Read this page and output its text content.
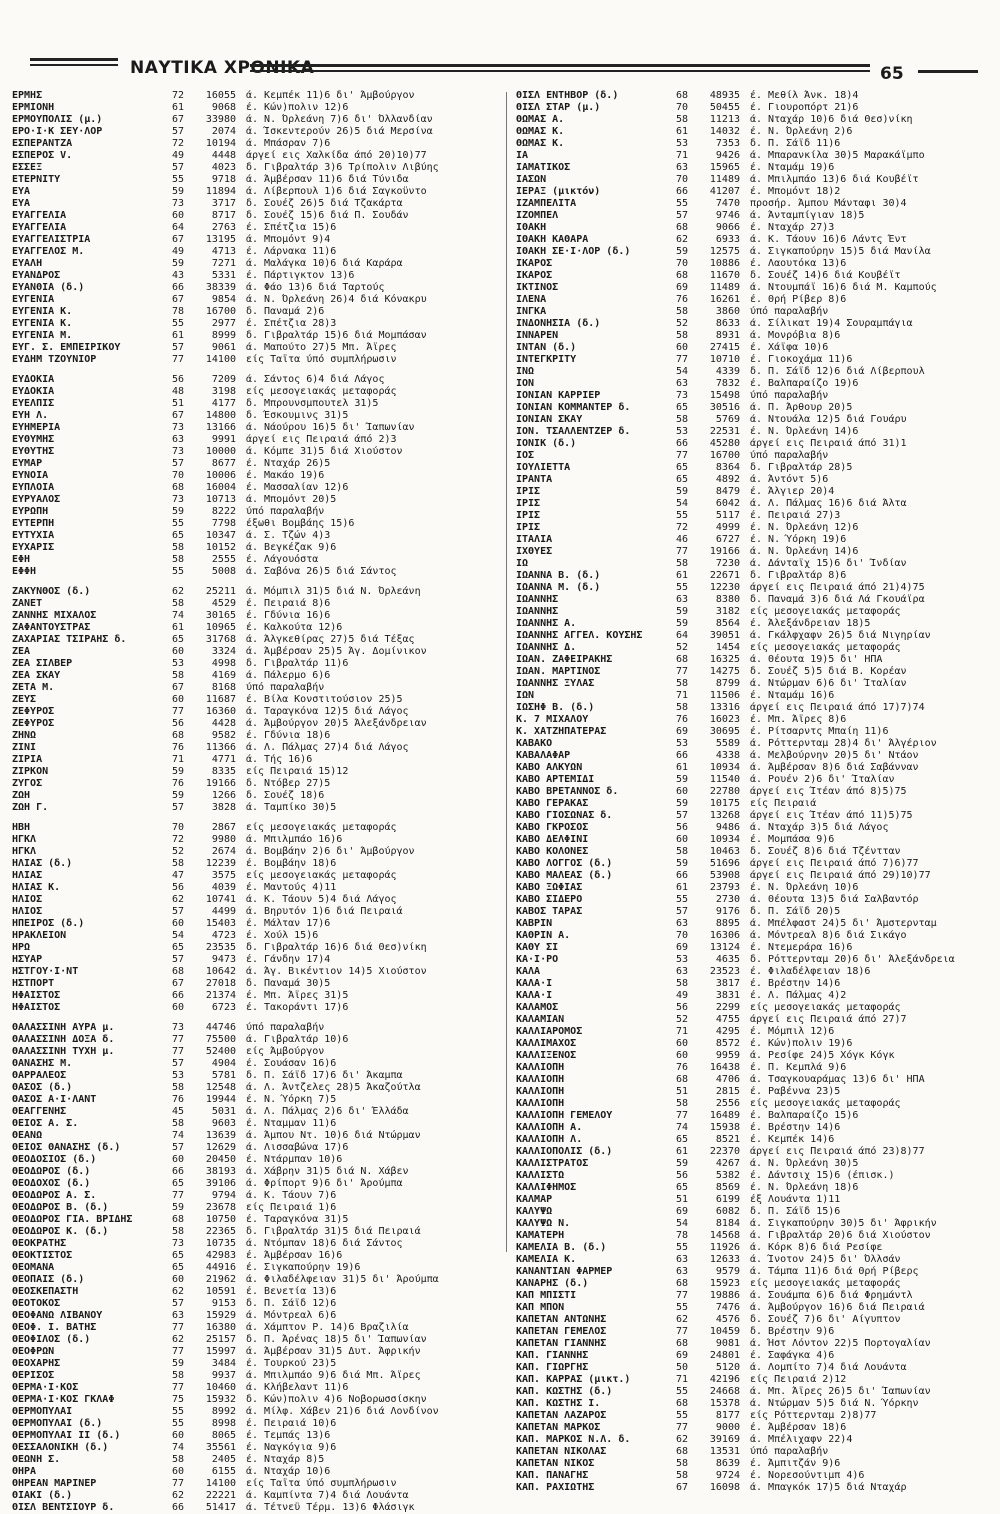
ΝΑΥΤΙΚΑ ΧΡΟΝΙΚΑ	65
ΕΡΜΗΣ	72	16055 ά. Κεμπέκ 11)6 δι' Άμβούργον
ΕΡΜΙΟΝΗ	61	9068 έ. Κών)πολιν 12)6
ΕΡΜΟΥΠΟΛΙΣ (μ.)	67	33980 ά. Ν. Όρλεάνη 7)6 δι' Όλλανδίαν
ΕΡΟ·Ι·Κ ΣΕΥ·ΛΟΡ	57	2074 ά. Ίσκεντερούν 26)5 διά Μερσίνα
ΕΣΠΕΡΑΝΤΖΑ	72	10194 ά. Μπάσραν 7)6
ΕΣΠΕΡΟΣ V.	49	4448 άργεί εις Χαλκίδα άπό 20)10)77
ΕΣΣΕΞ	57	4023 δ. Γιβραλτάρ 3)6 Τρίπολιν Λιβύης
ΕΤΕΡΝΙΤΥ	55	9718 ά. Άμβέρσαν 11)6 διά Τύνιδα
ΕΥΑ	59	11894 ά. Λίβερπουλ 1)6 διά Σαγκοϋντο
ΕΥΑ	73	3717 δ. Σουέζ 26)5 διά Τζακάρτα
ΕΥΑΓΓΕΛΙΑ	60	8717 δ. Σουέζ 15)6 διά Π. Σουδάν
ΕΥΑΓΓΕΛΙΑ	64	2763 έ. Σπέτζια 15)6
ΕΥΑΓΓΕΛΙΣΤΡΙΑ	67	13195 ά. Μπομόντ 9)4
ΕΥΑΓΓΕΛΟΣ Μ.	49	4713 έ. Λάρνακα 11)6
ΕΥΑΛΗ	59	7271 ά. Μαλάγκα 10)6 διά Καράρα
ΕΥΑΝΔΡΟΣ	43	5331 έ. Πάρτιγκτον 13)6
ΕΥΑΝΘΙΑ (δ.)	66	38339 ά. Φάο 13)6 διά Ταρτούς
ΕΥΓΕΝΙΑ	67	9854 ά. Ν. Όρλεάνη 26)4 διά Κόνακρυ
ΕΥΓΕΝΙΑ Κ.	78	16700 δ. Παναμά 2)6
ΕΥΓΕΝΙΑ Κ.	55	2977 έ. Σπέτζια 28)3
ΕΥΓΕΝΙΑ Μ.	61	8999 δ. Γιβραλτάρ 15)6 διά Μομπάσαν
ΕΥΓ. Σ. ΕΜΠΕΙΡΙΚΟΥ	57	9061 ά. Μαπούτο 27)5 Μπ. Άϊρες
ΕΥΔΗΜ ΤΖΟΥΝΙΟΡ	77	14100 είς Ταΐτα ύπό συμπλήρωσιν
ΕΥΔΟΚΙΑ	56	7209 ά. Σάντος 6)4 διά Λάγος
ΕΥΔΟΚΙΑ	48	3198 είς μεσογειακάς μεταφοράς
ΕΥΕΛΠΙΣ	51	4177 δ. Μπρουνσμπουτελ 31)5
ΕΥΗ Λ.	67	14800 δ. Έσκουμινς 31)5
ΕΥΗΜΕΡΙΑ	73	13166 ά. Νάούρου 16)5 δι' Ίαπωνίαν
ΕΥΘΥΜΗΣ	63	9991 άργεί εις Πειραιά άπό 2)3
ΕΥΘΥΤΗΣ	73	10000 ά. Κόμπε 31)5 διά Χιούστον
ΕΥΜΑΡ	57	8677 έ. Νταχάρ 26)5
ΕΥΝΟΙΑ	70	10006 έ. Μακάο 19)6
ΕΥΠΛΟΙΑ	68	16004 έ. Μασσαλίαν 12)6
ΕΥΡΥΑΛΟΣ	73	10713 ά. Μπομόντ 20)5
ΕΥΡΩΠΗ	59	8222 ύπό παραλαβήν
ΕΥΤΕΡΠΗ	55	7798 έξωθι Βομβάης 15)6
ΕΥΤΥΧΙΑ	65	10347 ά. Σ. Τζών 4)3
ΕΥΧΑΡΙΣ	58	10152 ά. Βεγκέζακ 9)6
ΕΦΗ	58	2555 έ. Λάγουόστα
ΕΦΦΗ	55	5008 ά. Σαβόνα 26)5 διά Σάντος
ΖΑΚΥΝΘΟΣ (δ.)	62	25211 ά. Μόμπιλ 31)5 διά Ν. Όρλεάνη
ΖΑΝΕΤ	58	4529 έ. Πειραιά 8)6
ΖΑΝΝΗΣ ΜΙΧΑΛΟΣ	74	30165 έ. Γδύνια 16)6
ΖΑΦΑΝΤΟΥΣΤΡΑΣ	61	10965 έ. Καλκούτα 12)6
ΖΑΧΑΡΙΑΣ ΤΣΙΡΑΗΣ δ.	65	31768 ά. Άλγκεθίρας 27)5 διά Τέξας
ΖΕΑ	60	3324 ά. Άμβέρσαν 25)5 Άγ. Δομίνικον
ΖΕΑ ΣΙΛΒΕΡ	53	4998 δ. Γιβραλτάρ 11)6
ΖΕΑ ΣΚΑΥ	58	4169 ά. Πάλερμο 6)6
ΖΕΤΑ Μ.	67	8168 ύπό παραλαβήν
ΖΕΥΣ	60	11687 έ. Βίλα Κονστιτούσιον 25)5
ΖΕΦΥΡΟΣ	77	16360 ά. Ταραγκόνα 12)5 διά Λάγος
ΖΕΦΥΡΟΣ	56	4428 ά. Άμβούργον 20)5 Άλεξάνδρειαν
ΖΗΝΩ	68	9582 έ. Γδύνια 18)6
ΖΙΝΙ	76	11366 ά. Λ. Πάλμας 27)4 διά Λάγος
ΖΙΡΙΑ	71	4771 ά. Τής 16)6
ΖΙΡΚΟΝ	59	8335 είς Πειραιά 15)12
ΖΥΓΟΣ	76	19166 δ. Ντόβερ 27)5
ΖΩΗ	59	1266 δ. Σουέζ 18)6
ΖΩΗ Γ.	57	3828 ά. Ταμπίκο 30)5
ΗΒΗ	70	2867 είς μεσογειακάς μεταφοράς
ΗΓΚΛ	72	9980 ά. Μπιλμπάο 16)6
ΗΓΚΛ	52	2674 ά. Βομβάην 2)6 δι' Άμβούργον
ΗΛΙΑΣ (δ.)	58	12239 έ. Βομβάην 18)6
ΗΛΙΑΣ	47	3575 είς μεσογειακάς μεταφοράς
ΗΛΙΑΣ Κ.	56	4039 έ. Μαντούς 4)11
ΗΛΙΟΣ	62	10741 ά. Κ. Τάουν 5)4 διά Λάγος
ΗΛΙΟΣ	57	4499 ά. Βηρυτόν 1)6 διά Πειραιά
ΗΠΕΙΡΟΣ (δ.)	60	15403 έ. Μάλταν 17)6
ΗΡΑΚΛΕΙΟΝ	54	4723 έ. Χούλ 15)6
ΗΡΩ	65	23535 δ. Γιβραλτάρ 16)6 διά Θεσ)νίκη
ΗΣΥΑΡ	57	9473 έ. Γάνδην 17)4
ΗΣΤΓΟΥ·Ι·ΝΤ	68	10642 ά. Άγ. Βικέντιον 14)5 Χιούστον
ΗΣΤΠΟΡΤ	67	27018 δ. Παναμά 30)5
ΗΦΑΙΣΤΟΣ	66	21374 έ. Μπ. Άϊρες 31)5
ΗΦΑΙΣΤΟΣ	60	6723 έ. Τακοράντι 17)6
ΘΑΛΑΣΣΙΝΗ ΑΥΡΑ μ.	73	44746 ύπό παραλαβήν
ΘΑΛΑΣΣΙΝΗ ΔΟΞΑ δ.	77	75500 ά. Γιβραλτάρ 10)6
ΘΑΛΑΣΣΙΝΗ ΤΥΧΗ μ.	77	52400 είς Άμβούργον
ΘΑΝΑΣΗΣ Μ.	57	4904 έ. Σουάσαν 16)6
ΘΑΡΡΑΛΕΟΣ	53	5781 δ. Π. Σάϊδ 17)6 δι' Άκαμπα
ΘΑΣΟΣ (δ.)	58	12548 ά. Λ. Άντζελες 28)5 Άκαζούτλα
ΘΑΣΟΣ Α·Ι·ΛΑΝΤ	76	19944 έ. Ν. Ύόρκη 7)5
ΘΕΑΓΓΕΝΗΣ	45	5031 ά. Λ. Πάλμας 2)6 δι' Έλλάδα
ΘΕΙΟΣ Α. Σ.	58	9603 έ. Νταμμαν 11)6
ΘΕΑΝΩ	74	13639 ά. Άμπου Ντ. 10)6 διά Ντώρμαν
ΘΕΙΟΣ ΘΑΝΑΣΗΣ (δ.)	57	12629 ά. Λισσαβώνα 17)6
ΘΕΟΔΟΣΙΟΣ (δ.)	60	20450 έ. Ντάρμπαν 10)6
ΘΕΟΔΩΡΟΣ (δ.)	66	38193 ά. Χάβρην 31)5 διά Ν. Χάβεν
ΘΕΟΔΟΧΟΣ (δ.)	65	39106 ά. Φρίπορτ 9)6 δι' Άρούμπα
ΘΕΟΔΩΡΟΣ Α. Σ.	77	9794 ά. Κ. Τάουν 7)6
ΘΕΟΔΩΡΟΣ Β. (δ.)	59	23678 είς Πειραιά 1)6
ΘΕΟΔΩΡΟΣ ΓΙΑ. ΒΡΙΔΗΣ	68	10750 έ. Ταραγκόνα 31)5
ΘΕΟΔΩΡΟΣ Κ. (δ.)	58	22365 δ. Γιβραλτάρ 31)5 διά Πειραιά
ΘΕΟΚΡΑΤΗΣ	73	10735 ά. Ντόμπαν 18)6 διά Σάντος
ΘΕΟΚΤΙΣΤΟΣ	65	42983 έ. Άμβέρσαν 16)6
ΘΕΟΜΑΝΑ	65	44916 έ. Σιγκαπούρην 19)6
ΘΕΟΠΑΙΣ (δ.)	60	21962 ά. Φιλαδέλφειαν 31)5 δι' Άρούμπα
ΘΕΟΣΚΕΠΑΣΤΗ	62	10591 έ. Βενετία 13)6
ΘΕΟΤΟΚΟΣ	57	9153 δ. Π. Σάϊδ 12)6
ΘΕΟΦΑΝΩ ΛΙΒΑΝΟΥ	63	15929 ά. Μόντρεαλ 6)6
ΘΕΟΦ. Ι. ΒΑΤΗΣ	77	16380 ά. Χάμπτον Ρ. 14)6 Βραζιλία
ΘΕΟΦΙΛΟΣ (δ.)	62	25157 δ. Π. Άρένας 18)5 δι' Ίαπωνίαν
ΘΕΟΦΡΩΝ	77	15997 ά. Άμβέρσαν 31)5 Δυτ. Άφρικήν
ΘΕΟΧΑΡΗΣ	59	3484 έ. Τουρκού 23)5
ΘΕΡΙΣΟΣ	58	9937 ά. Μπιλμπάο 9)6 διά Μπ. Άϊρες
ΘΕΡΜΑ·Ι·ΚΟΣ	77	10460 ά. Κλήβελαντ 11)6
ΘΕΡΜΑ·Ι·ΚΟΣ ΓΚΛΑΦ	75	15932 δ. Κών)πολιν 4)6 Νοβορωσσίσκην
ΘΕΡΜΟΠΥΛΑΙ	55	8992 ά. Μίλφ. Χάβεν 21)6 διά Λονδίνον
ΘΕΡΜΟΠΥΛΑΙ (δ.)	55	8998 έ. Πειραιά 10)6
ΘΕΡΜΟΠΥΛΑΙ ΙΙ (δ.)	60	8065 έ. Τεμπάς 13)6
ΘΕΣΣΑΛΟΝΙΚΗ (δ.)	74	35561 έ. Ναγκόγια 9)6
ΘΕΩΝΗ Σ.	58	2405 έ. Νταχάρ 8)5
ΘΗΡΑ	60	6155 ά. Νταχάρ 10)6
ΘΗΡΕΑΝ ΜΑΡΙΝΕΡ	77	14100 είς Ταΐτα ύπό συμπλήρωσιν
ΘΙΑΚΙ (δ.)	62	22221 ά. Καμπίντα 7)4 διά Λουάντα
ΘΙΣΛ ΒΕΝΤΣΙΟΥΡ δ.	66	51417 ά. Τέτνεϋ Τέρμ. 13)6 Φλάσιγκ
ΘΙΣΛ ΕΝΤΗΒΟΡ (δ.)	68	48935 έ. Μεθίλ Άνκ. 18)4
ΘΙΣΛ ΣΤΑΡ (μ.)	70	50455 έ. Γιουροπόρτ 21)6
ΘΩΜΑΣ Α.	58	11213 ά. Νταχάρ 10)6 διά Θεσ)νίκη
ΘΩΜΑΣ Κ.	61	14032 έ. Ν. Όρλεάνη 2)6
ΘΩΜΑΣ Κ.	53	7353 δ. Π. Σάϊδ 11)6
ΙΑ	71	9426 ά. Μπαρανκίλα 30)5 Μαρακάϊμπο
ΙΑΜΑΤΙΚΟΣ	63	15965 έ. Νταμάμ 19)6
ΙΑΣΩΝ	70	11489 ά. Μπιλμπάο 13)6 διά Κουβέϊτ
ΙΕΡΑΞ (μικτόν)	66	41207 έ. Μπομόντ 18)2
ΙΖΑΜΠΕΛΙΤΑ	55	7470 προσήρ. Άμπου Μάνταφι 30)4
ΙΖΟΜΠΕΛ	57	9746 ά. Άνταμπίγιαν 18)5
ΙΘΑΚΗ	68	9066 έ. Νταχάρ 27)3
ΙΘΑΚΗ ΚΑΘΑΡΑ	62	6933 ά. Κ. Τάουν 16)6 Λάντς Έντ
ΙΘΑΚΗ ΣΕ·Ι·ΛΟΡ (δ.)	59	12575 ά. Σιγκαπούρην 15)5 διά Μανίλα
ΙΚΑΡΟΣ	70	10886 έ. Λαουτόκα 13)6
ΙΚΑΡΟΣ	68	11670 δ. Σουέζ 14)6 διά Κουβέϊτ
ΙΚΤΙΝΟΣ	69	11489 ά. Ντουμπάϊ 16)6 διά Μ. Καμπούς
ΙΛΕΝΑ	76	16261 έ. Θρή Ρίβερ 8)6
ΙΝΓΚΑ	58	3860 ύπό παραλαβήν
ΙΝΔΟΝΗΣΙΑ (δ.)	52	8633 ά. Σίλικατ 19)4 Σουραμπάγια
ΙΝΝΑΡΕΝ	58	8931 ά. Μονρόβια 8)6
ΙΝΤΑΝ (δ.)	60	27415 έ. Χάϊφα 10)6
ΙΝΤΕΓΚΡΙΤΥ	77	10710 έ. Γιοκοχάμα 11)6
ΙΝΩ	54	4339 δ. Π. Σάϊδ 12)6 διά Λίβερπουλ
ΙΟΝ	63	7832 έ. Βαλπαραίζο 19)6
ΙΟΝΙΑΝ ΚΑΡΡΙΕΡ	73	15498 ύπό παραλαβήν
ΙΟΝΙΑΝ ΚΟΜΜΑΝΤΕΡ δ.	65	30516 ά. Π. Άρθουρ 20)5
ΙΟΝΙΑΝ ΣΚΑΥ	58	5769 ά. Ντουάλα 12)5 διά Γουάρυ
ΙΟΝ. ΤΣΑΛΛΕΝΤΖΕΡ δ.	53	22531 έ. Ν. Όρλεάνη 14)6
ΙΟΝΙΚ (δ.)	66	45280 άργεί εις Πειραιά άπό 31)1
ΙΟΣ	77	16700 ύπό παραλαβήν
ΙΟΥΛΙΕΤΤΑ	65	8364 δ. Γιβραλτάρ 28)5
ΙΡΑΝΤΑ	65	4892 ά. Άντόντ 5)6
ΙΡΙΣ	59	8479 έ. Άλγιερ 20)4
ΙΡΙΣ	54	6042 ά. Λ. Πάλμας 16)6 διά Άλτα
ΙΡΙΣ	55	5117 έ. Πειραιά 27)3
ΙΡΙΣ	72	4999 έ. Ν. Όρλεάνη 12)6
ΙΤΑΛΙΑ	46	6727 έ. Ν. Ύόρκη 19)6
ΙΧΘΥΕΣ	77	19166 ά. Ν. Όρλεάνη 14)6
ΙΩ	58	7230 ά. Δάνταϊχ 15)6 δι' Ίνδίαν
ΙΩΑΝΝΑ Β. (δ.)	61	22671 δ. Γιβραλτάρ 8)6
ΙΩΑΝΝΑ Μ. (δ.)	55	12230 άργεί εις Πειραιά άπό 21)4)75
ΙΩΑΝΝΗΣ	63	8380 δ. Παναμά 3)6 διά Λά Γκουάϊρα
ΙΩΑΝΝΗΣ	59	3182 είς μεσογειακάς μεταφοράς
ΙΩΑΝΝΗΣ Α.	59	8564 έ. Άλεξάνδρειαν 18)5
ΙΩΑΝΝΗΣ ΑΓΓΕΛ. ΚΟΥΣΗΣ	64	39051 ά. Γκάλφχαφν 26)5 διά Νιγηρίαν
ΙΩΑΝΝΗΣ Δ.	52	1454 είς μεσογειακάς μεταφοράς
ΙΩΑΝ. ΖΑΦΕΙΡΑΚΗΣ	68	16325 ά. Θέουτα 19)5 δι' ΗΠΑ
ΙΩΑΝ. ΜΑΡΤΙΝΟΣ	77	14275 δ. Σουέζ 5)5 διά Β. Κορέαν
ΙΩΑΝΝΗΣ ΞΥΛΑΣ	58	8799 ά. Ντώρμαν 6)6 δι' Ίταλίαν
ΙΩΝ	71	11506 έ. Νταμάμ 16)6
ΙΩΣΗΦ Β. (δ.)	58	13316 άργεί εις Πειραιά άπό 17)7)74
Κ. 7 ΜΙΧΑΛΟΥ	76	16023 έ. Μπ. Άϊρες 8)6
Κ. ΧΑΤΖΗΠΑΤΕΡΑΣ	69	30695 έ. Ρίτσαρντς Μπαίη 11)6
ΚΑΒΑΚΟ	53	5589 ά. Ρόττερνταμ 28)4 δι' Άλγέριον
ΚΑΒΑΛΑΦΑΡ	66	4338 ά. Μελβούρνην 20)5 δι' Ντάον
ΚΑΒΟ ΑΛΚΥΩΝ	61	10934 ά. Άμβέρσαν 8)6 διά Σαβάνναν
ΚΑΒΟ ΑΡΤΕΜΙΔΙ	59	11540 ά. Ρουέν 2)6 δι' Ίταλίαν
ΚΑΒΟ ΒΡΕΤΑΝΝΟΣ δ.	60	22780 άργεί εις Ίτέαν άπό 8)5)75
ΚΑΒΟ ΓΕΡΑΚΑΣ	59	10175 είς Πειραιά
ΚΑΒΟ ΓΙΟΣΩΝΑΣ δ.	57	13268 άργεί εις Ίτέαν άπό 11)5)75
ΚΑΒΟ ΓΚΡΟΣΟΣ	56	9486 ά. Νταχάρ 3)5 διά Λάγος
ΚΑΒΟ ΔΕΛΦΙΝΙ	60	10934 έ. Μομπάσα 9)6
ΚΑΒΟ ΚΟΛΟΝΕΣ	58	10463 δ. Σουέζ 8)6 διά Τζέντταν
ΚΑΒΟ ΛΟΓΓΟΣ (δ.)	59	51696 άργεί εις Πειραιά άπό 7)6)77
ΚΑΒΟ ΜΑΛΕΑΣ (δ.)	66	53908 άργεί εις Πειραιά άπό 29)10)77
ΚΑΒΟ ΞΩΦΙΑΣ	61	23793 έ. Ν. Όρλεάνη 10)6
ΚΑΒΟ ΣΙΔΕΡΟ	55	2730 ά. Θέουτα 13)5 διά Σαλβαντόρ
ΚΑΒΟΣ ΤΑΡΑΣ	57	9176 δ. Π. Σάϊδ 20)5
ΚΑΒΡΙΝ	63	8895 ά. Μπέλφαστ 24)5 δι' Άμστερνταμ
ΚΑΘΡΙΝ Α.	70	16306 ά. Μόντρεαλ 8)6 διά Σικάγο
ΚΑΘΥ ΣΙ	69	13124 έ. Ντεμεράρα 16)6
ΚΑ·Ι·ΡΟ	53	4635 δ. Ρόττερνταμ 20)6 δι' Άλεξάνδρεια
ΚΑΛΑ	63	23523 έ. Φιλαδέλφειαν 18)6
ΚΑΛΑ·Ι	58	3817 έ. Βρέστην 14)6
ΚΑΛΑ·Ι	49	3831 έ. Λ. Πάλμας 4)2
ΚΑΛΑΜΟΣ	56	2299 είς μεσογειακάς μεταφοράς
ΚΑΛΑΜΙΑΝ	52	4755 άργεί εις Πειραιά άπό 27)7
ΚΑΛΛΙΑΡΟΜΟΣ	71	4295 έ. Μόμπιλ 12)6
ΚΑΛΛΙΜΑΧΟΣ	60	8572 έ. Κών)πολιν 19)6
ΚΑΛΛΙΞΕΝΟΣ	60	9959 ά. Ρεσίφε 24)5 Χόγκ Κόγκ
ΚΑΛΛΙΟΠΗ	76	16438 έ. Π. Κεμπλά 9)6
ΚΑΛΛΙΟΠΗ	68	4706 ά. Τσαγκουαράμας 13)6 δι' ΗΠΑ
ΚΑΛΛΙΟΠΗ	51	2815 έ. Ραβέννα 23)5
ΚΑΛΛΙΟΠΗ	58	2556 είς μεσογειακάς μεταφοράς
ΚΑΛΛΙΟΠΗ ΓΕΜΕΛΟΥ	77	16489 έ. Βαλπαραίζο 15)6
ΚΑΛΛΙΟΠΗ Α.	74	15938 έ. Βρέστην 14)6
ΚΑΛΛΙΟΠΗ Λ.	65	8521 έ. Κεμπέκ 14)6
ΚΑΛΛΙΟΠΟΛΙΣ (δ.)	61	22370 άργεί εις Πειραιά άπό 23)8)77
ΚΑΛΛΙΣΤΡΑΤΟΣ	59	4267 ά. Ν. Όρλεάνη 30)5
ΚΑΛΛΙΣΤΩ	56	5382 έ. Δάντσιχ 15)6 (έπισκ.)
ΚΑΛΛΙΦΗΜΟΣ	65	8569 έ. Ν. Όρλεάνη 18)6
ΚΑΛΜΑΡ	51	6199 έξ Λουάντα 1)11
ΚΑΛΥΨΩ	69	6082 δ. Π. Σάϊδ 15)6
ΚΑΛΥΨΩ Ν.	54	8184 ά. Σιγκαπούρην 30)5 δι' Άφρικήν
ΚΑΜΑΤΕΡΗ	78	14568 ά. Γιβραλτάρ 20)6 διά Χιούστον
ΚΑΜΕΛΙΑ Β. (δ.)	55	11926 ά. Κόρκ 8)6 διά Ρεσίφε
ΚΑΜΕΛΙΑ Κ.	63	12633 ά. Ίνοτον 24)5 δι' Όλλσάν
ΚΑΝΑΝΤΙΑΝ ΦΑΡΜΕΡ	63	9579 ά. Τάμπα 11)6 διά Θρή Ρίβερς
ΚΑΝΑΡΗΣ (δ.)	68	15923 είς μεσογειακάς μεταφοράς
ΚΑΠ ΜΠΙΣΤΙ	77	19886 ά. Σουάμπα 6)6 διά Φρημάντλ
ΚΑΠ ΜΠΟΝ	55	7476 ά. Άμβούργον 16)6 διά Πειραιά
ΚΑΠΕΤΑΝ ΑΝΤΩΝΗΣ	62	4576 δ. Σουέζ 7)6 δι' Αίγυπτον
ΚΑΠΕΤΑΝ ΓΕΜΕΛΟΣ	77	10459 δ. Βρέστην 9)6
ΚΑΠΕΤΑΝ ΓΙΑΝΝΗΣ	68	9081 ά. Ήστ Λόντον 22)5 Πορτογαλίαν
ΚΑΠ. ΓΙΑΝΝΗΣ	69	24801 έ. Σαφάγκα 4)6
ΚΑΠ. ΓΙΩΡΓΗΣ	50	5120 ά. Λομπίτο 7)4 διά Λουάντα
ΚΑΠ. ΚΑΡΡΑΣ (μικτ.)	71	42196 είς Πειραιά 2)12
ΚΑΠ. ΚΩΣΤΗΣ (δ.)	55	24668 ά. Μπ. Άϊρες 26)5 δι' Ίαπωνίαν
ΚΑΠ. ΚΩΣΤΗΣ Ι.	68	15378 ά. Ντώρμαν 5)5 διά Ν. Ύόρκην
ΚΑΠΕΤΑΝ ΛΑΖΑΡΟΣ	55	8177 είς Ρόττερνταμ 2)8)77
ΚΑΠΕΤΑΝ ΜΑΡΚΟΣ	77	9000 έ. Άμβέρσαν 18)6
ΚΑΠ. ΜΑΡΚΟΣ Ν.Λ. δ.	62	39169 ά. Μπέλιχαφν 22)4
ΚΑΠΕΤΑΝ ΝΙΚΟΛΑΣ	68	13531 ύπό παραλαβήν
ΚΑΠΕΤΑΝ ΝΙΚΟΣ	58	8639 έ. Άμπιτζάν 9)6
ΚΑΠ. ΠΑΝΑΓΗΣ	58	9724 έ. Νορεσούντιμπ 4)6
ΚΑΠ. ΡΑΧΙΩΤΗΣ	67	16098 ά. Μπαγκόκ 17)5 διά Νταχάρ
